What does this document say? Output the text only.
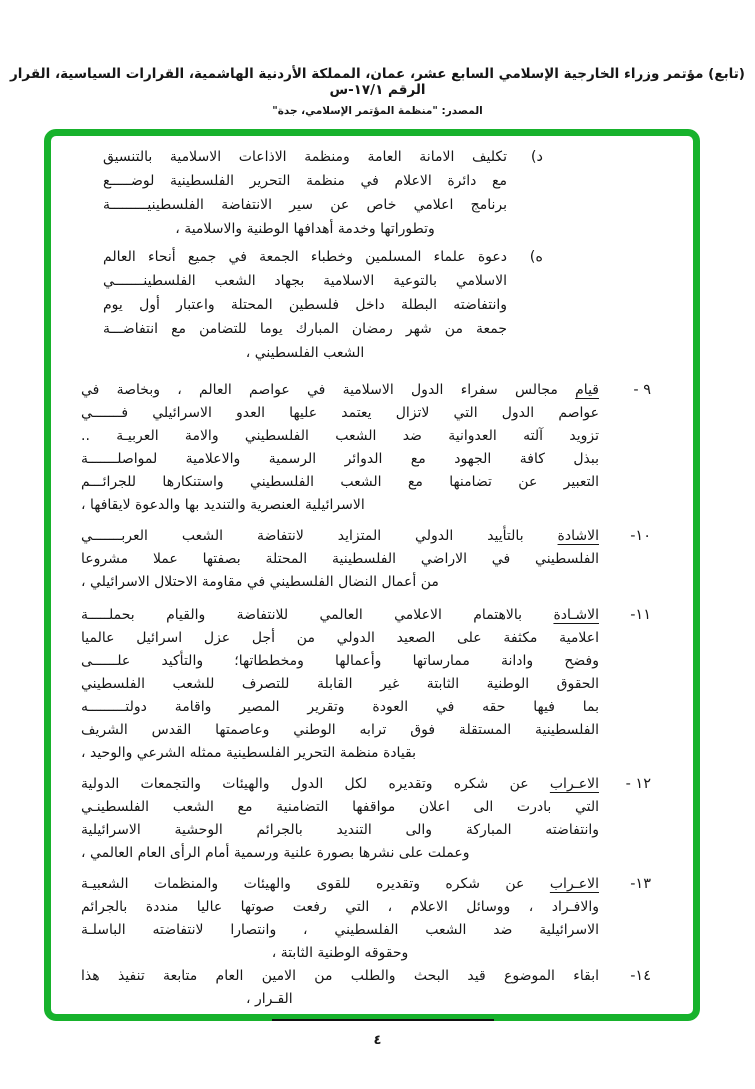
(تابع) مؤتمر وزراء الخارجية الإسلامي السابع عشر، عمان، المملكة الأردنية الهاشمية، القرارات السياسية، القرار الرقم ١٧/١-س
المصدر: "منظمة المؤتمر الإسلامي، جدة"
د)
تكليف الامانة العامة ومنظمة الاذاعات الاسلامية بالتنسيق
مع دائرة الاعلام في منظمة التحرير الفلسطينية لوضـــــع
برنامج اعلامي خاص عن سير الانتفاضة الفلسطينيـــــــــة
وتطوراتها وخدمة أهدافها الوطنية والاسلامية ،
ه)
دعوة علماء المسلمين وخطباء الجمعة في جميع أنحاء العالم
الاسلامي بالتوعية الاسلامية بجهاد الشعب الفلسطينـــــــي
وانتفاضته البطلة داخل فلسطين المحتلة واعتبار أول يوم
جمعة من شهر رمضان المبارك يوما للتضامن مع انتفاضـــة
الشعب الفلسطيني ،
٩ -
قيام مجالس سفراء الدول الاسلامية في عواصم العالم ، وبخاصة في
عواصم الدول التي لاتزال يعتمد عليها العدو الاسرائيلي فـــــــي
تزويد آلته العدوانية ضد الشعب الفلسطيني والامة العربيـة ..
ببذل كافة الجهود مع الدوائر الرسمية والاعلامية لمواصلـــــــة
التعبير عن تضامنها مع الشعب الفلسطيني واستنكارها للجرائـــم
الاسرائيلية العنصرية والتنديد بها والدعوة لايقافها ،
١٠-
الاشادة بالتأييد الدولي المتزايد لانتفاضة الشعب العربـــــــي
الفلسطيني في الاراضي الفلسطينية المحتلة بصفتها عملا مشروعا
من أعمال النضال الفلسطيني في مقاومة الاحتلال الاسرائيلي ،
١١-
الاشـادة بالاهتمام الاعلامي العالمي للانتفاضة والقيام بحملـــــة
اعلامية مكثفة على الصعيد الدولي من أجل عزل اسرائيل عالميا
وفضح وادانة ممارساتها وأعمالها ومخططاتها؛ والتأكيد علــــــى
الحقوق الوطنية الثابتة غير القابلة للتصرف للشعب الفلسطيني
بما فيها حقه في العودة وتقرير المصير واقامة دولتـــــــــه
الفلسطينية المستقلة فوق ترابه الوطني وعاصمتها القدس الشريف
بقيادة منظمة التحرير الفلسطينية ممثله الشرعي والوحيد ،
١٢ -
الاعـراب عن شكره وتقديره لكل الدول والهيئات والتجمعات الدولية
التي بادرت الى اعلان مواقفها التضامنية مع الشعب الفلسطينـي
وانتفاضته المباركة والى التنديد بالجرائم الوحشية الاسرائيلية
وعملت على نشرها بصورة علنية ورسمية أمام الرأى العام العالمي ،
١٣-
الاعـراب عن شكره وتقديره للقوى والهيئات والمنظمات الشعبيـة
والافـراد ، ووسائل الاعلام ، التي رفعت صوتها عاليا منددة بالجرائم
الاسرائيلية ضد الشعب الفلسطيني ، وانتصارا لانتفاضته الباسلـة
وحقوقه الوطنية الثابتة ،
١٤-
ابقاء الموضوع قيد البحث والطلب من الامين العام متابعة تنفيذ هذا
القـرار ،
٤
